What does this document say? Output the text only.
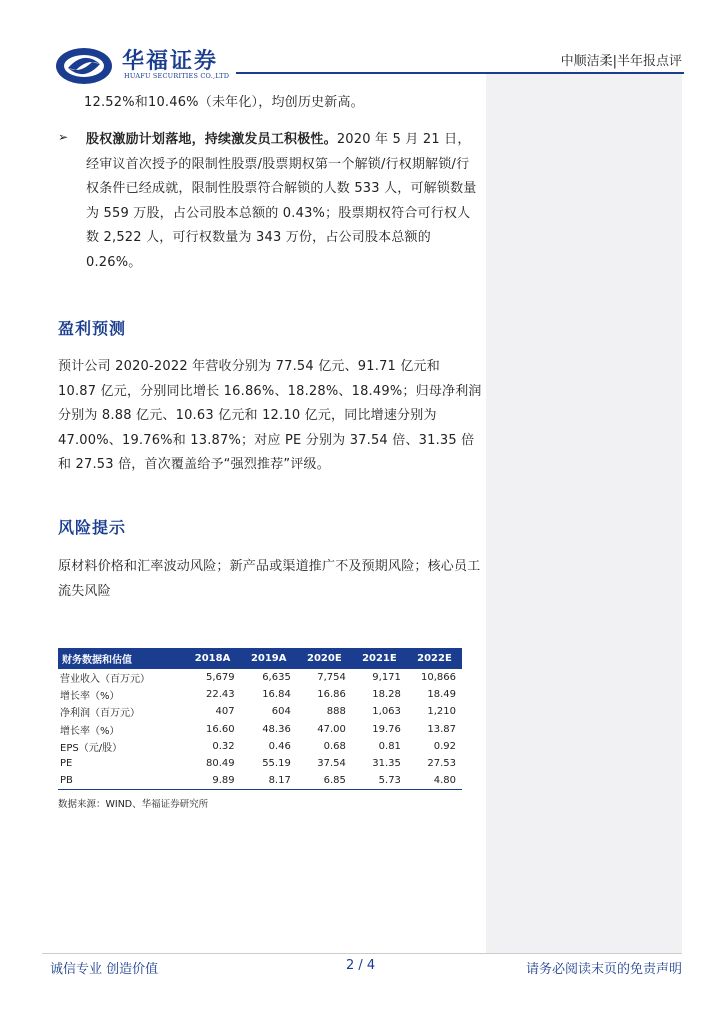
华福证券
HUAFU SECURITIES CO.,LTD
中顺洁柔|半年报点评
12.52%和10.46%（未年化），均创历史新高。
➢ 股权激励计划落地，持续激发员工积极性。2020 年 5 月 21 日，经审议首次授予的限制性股票/股票期权第一个解锁/行权期解锁/行权条件已经成就，限制性股票符合解锁的人数 533 人，可解锁数量为 559 万股，占公司股本总额的 0.43%；股票期权符合可行权人数 2,522 人，可行权数量为 343 万份，占公司股本总额的 0.26%。
盈利预测
预计公司 2020-2022 年营收分别为 77.54 亿元、91.71 亿元和 10.87 亿元，分别同比增长 16.86%、18.28%、18.49%；归母净利润分别为 8.88 亿元、10.63 亿元和 12.10 亿元，同比增速分别为 47.00%、19.76%和 13.87%；对应 PE 分别为 37.54 倍、31.35 倍和 27.53 倍，首次覆盖给予“强烈推荐”评级。
风险提示
原材料价格和汇率波动风险；新产品或渠道推广不及预期风险；核心员工流失风险
财务数据和估值	2018A	2019A	2020E	2021E	2022E
营业收入（百万元）	5,679	6,635	7,754	9,171	10,866
增长率（%）	22.43	16.84	16.86	18.28	18.49
净利润（百万元）	407	604	888	1,063	1,210
增长率（%）	16.60	48.36	47.00	19.76	13.87
EPS（元/股）	0.32	0.46	0.68	0.81	0.92
PE	80.49	55.19	37.54	31.35	27.53
PB	9.89	8.17	6.85	5.73	4.80
数据来源：WIND、华福证券研究所
诚信专业 创造价值	2 / 4	请务必阅读末页的免责声明
